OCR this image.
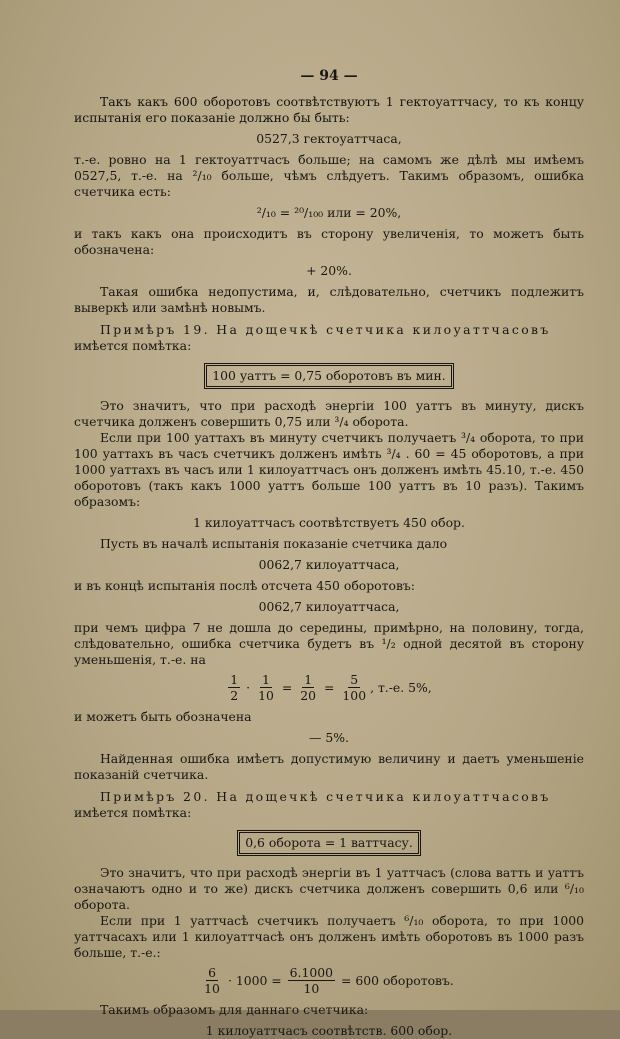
— 94 —

Такъ какъ 600 оборотовъ соотвѣтствуютъ 1 гектоуаттчасу, то къ концу испытанія его показаніе должно бы быть:

0527,3 гектоуаттчаса,

т.-е. ровно на 1 гектоуаттчасъ больше; на самомъ же дѣлѣ мы имѣемъ 0527,5, т.-е. на ²/₁₀ больше, чѣмъ слѣдуетъ. Такимъ образомъ, ошибка счетчика есть:

²/₁₀ = ²⁰/₁₀₀ или = 20%,

и такъ какъ она происходитъ въ сторону увеличенія, то можетъ быть обозначена:

+ 20%.

Такая ошибка недопустима, и, слѣдовательно, счетчикъ подлежитъ выверкѣ или замѣнѣ новымъ.

Примѣръ 19. На дощечкѣ счетчика килоуаттчасовъ

имѣется помѣтка:

100 уаттъ = 0,75 оборотовъ въ мин.

Это значитъ, что при расходѣ энергіи 100 уаттъ въ минуту, дискъ счетчика долженъ совершить 0,75 или ³/₄ оборота.

Если при 100 уаттахъ въ минуту счетчикъ получаетъ ³/₄ оборота, то при 100 уаттахъ въ часъ счетчикъ долженъ имѣть ³/₄ . 60 = 45 оборотовъ, а при 1000 уаттахъ въ часъ или 1 килоуаттчасъ онъ долженъ имѣть 45.10, т.-е. 450 оборотовъ (такъ какъ 1000 уаттъ больше 100 уаттъ въ 10 разъ). Такимъ образомъ:

1 килоуаттчасъ соотвѣтствуетъ 450 обор.

Пусть въ началѣ испытанія показаніе счетчика дало

0062,7 килоуаттчаса,

и въ концѣ испытанія послѣ отсчета 450 оборотовъ:

0062,7 килоуаттчаса,

при чемъ цифра 7 не дошла до середины, примѣрно, на половину, тогда, слѣдовательно, ошибка счетчика будетъ въ ¹/₂ одной десятой въ сторону уменьшенія, т.-е. на

$\frac{1}{2} \cdot \frac{1}{10} = \frac{1}{20} = \frac{5}{100}$ , т.-е. 5%,

и можетъ быть обозначена

— 5%.

Найденная ошибка имѣетъ допустимую величину и даетъ уменьшеніе показаній счетчика.

Примѣръ 20. На дощечкѣ счетчика килоуаттчасовъ

имѣется помѣтка:

0,6 оборота = 1 ваттчасу.

Это значитъ, что при расходѣ энергіи въ 1 уаттчасъ (слова ватть и уаттъ означаютъ одно и то же) дискъ счетчика долженъ совершить 0,6 или ⁶/₁₀ оборота.

Если при 1 уаттчасѣ счетчикъ получаетъ ⁶/₁₀ оборота, то при 1000 уаттчасахъ или 1 килоуаттчасѣ онъ долженъ имѣть оборотовъ въ 1000 разъ больше, т.-е.:

$\frac{6}{10} \cdot 1000 = \frac{6.1000}{10} = 600$ оборотовъ.

Такимъ образомъ для даннаго счетчика:

1 килоуаттчасъ соотвѣтств. 600 обор.
